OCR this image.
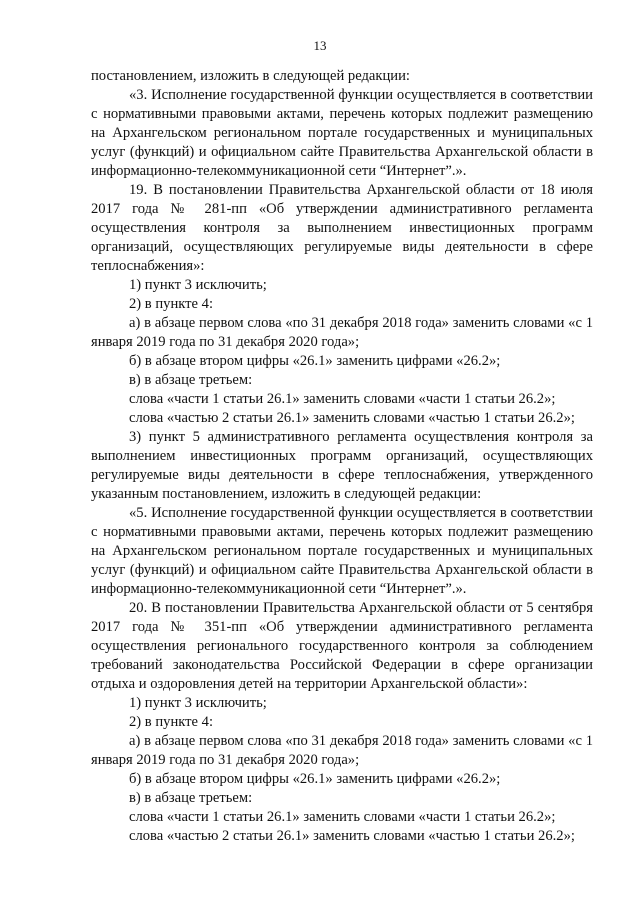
13

постановлением, изложить в следующей редакции:

«3. Исполнение государственной функции осуществляется в соответствии с нормативными правовыми актами, перечень которых подлежит размещению на Архангельском региональном портале государственных и муниципальных услуг (функций) и официальном сайте Правительства Архангельской области в информационно-телекоммуникационной сети “Интернет”.».

19. В постановлении Правительства Архангельской области от 18 июля 2017 года № 281-пп «Об утверждении административного регламента осуществления контроля за выполнением инвестиционных программ организаций, осуществляющих регулируемые виды деятельности в сфере теплоснабжения»:

1) пункт 3 исключить;

2) в пункте 4:

а) в абзаце первом слова «по 31 декабря 2018 года» заменить словами «с 1 января 2019 года по 31 декабря 2020 года»;

б) в абзаце втором цифры «26.1» заменить цифрами «26.2»;

в) в абзаце третьем:

слова «части 1 статьи 26.1» заменить словами «части 1 статьи 26.2»;

слова «частью 2 статьи 26.1» заменить словами «частью 1 статьи 26.2»;

3) пункт 5 административного регламента осуществления контроля за выполнением инвестиционных программ организаций, осуществляющих регулируемые виды деятельности в сфере теплоснабжения, утвержденного указанным постановлением, изложить в следующей редакции:

«5. Исполнение государственной функции осуществляется в соответствии с нормативными правовыми актами, перечень которых подлежит размещению на Архангельском региональном портале государственных и муниципальных услуг (функций) и официальном сайте Правительства Архангельской области в информационно-телекоммуникационной сети “Интернет”.».

20. В постановлении Правительства Архангельской области от 5 сентября 2017 года № 351-пп «Об утверждении административного регламента осуществления регионального государственного контроля за соблюдением требований законодательства Российской Федерации в сфере организации отдыха и оздоровления детей на территории Архангельской области»:

1) пункт 3 исключить;

2) в пункте 4:

а) в абзаце первом слова «по 31 декабря 2018 года» заменить словами «с 1 января 2019 года по 31 декабря 2020 года»;

б) в абзаце втором цифры «26.1» заменить цифрами «26.2»;

в) в абзаце третьем:

слова «части 1 статьи 26.1» заменить словами «части 1 статьи 26.2»;

слова «частью 2 статьи 26.1» заменить словами «частью 1 статьи 26.2»;
